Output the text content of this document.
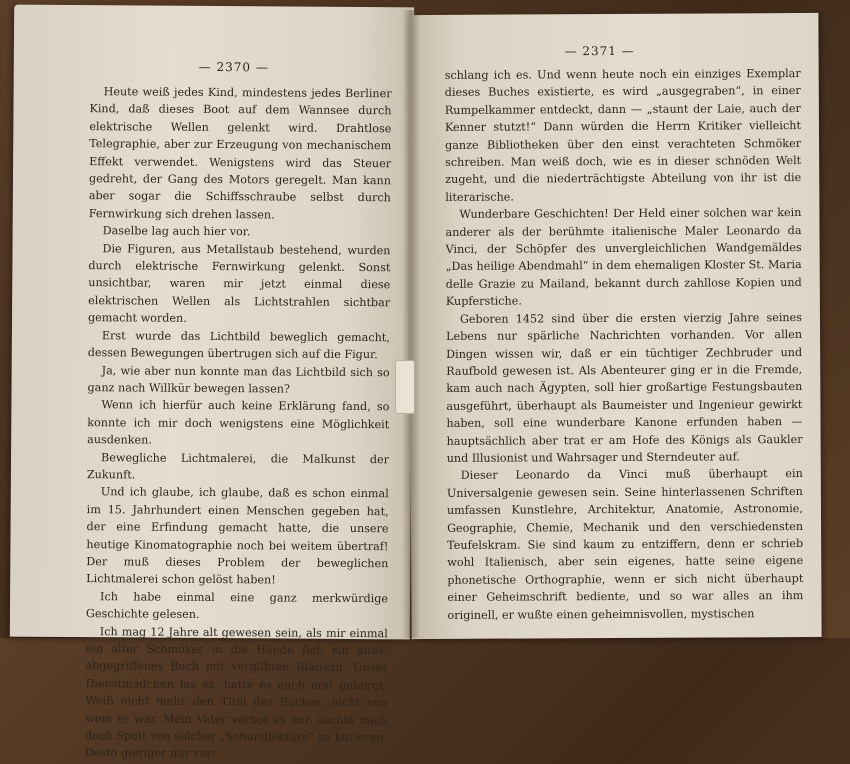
— 2370 —

Heute weiß jedes Kind, mindestens jedes Berliner Kind, daß dieses Boot auf dem Wannsee durch elektrische Wellen gelenkt wird. Drahtlose Telegraphie, aber zur Erzeugung von mechanischem Effekt verwendet. Wenigstens wird das Steuer gedreht, der Gang des Motors geregelt. Man kann aber sogar die Schiffsschraube selbst durch Fernwirkung sich drehen lassen.

Daselbe lag auch hier vor.

Die Figuren, aus Metallstaub bestehend, wurden durch elektrische Fernwirkung gelenkt. Sonst unsichtbar, waren mir jetzt einmal diese elektrischen Wellen als Lichtstrahlen sichtbar gemacht worden.

Erst wurde das Lichtbild beweglich gemacht, dessen Bewegungen übertrugen sich auf die Figur.

Ja, wie aber nun konnte man das Lichtbild sich so ganz nach Willkür bewegen lassen?

Wenn ich hierfür auch keine Erklärung fand, so konnte ich mir doch wenigstens eine Möglichkeit ausdenken.

Bewegliche Lichtmalerei, die Malkunst der Zukunft.

Und ich glaube, ich glaube, daß es schon einmal im 15. Jahrhundert einen Menschen gegeben hat, der eine Erfindung gemacht hatte, die unsere heutige Kinomatographie noch bei weitem übertraf! Der muß dieses Problem der beweglichen Lichtmalerei schon gelöst haben!

Ich habe einmal eine ganz merkwürdige Geschichte gelesen.

Ich mag 12 Jahre alt gewesen sein, als mir einmal ein alter Schmöker in die Hände fiel, ein altes, abgegriffenes Buch mit vergilbten Blättern. Unser Dienstmädchen las es, hatte es auch erst geborgt. Weiß nicht mehr den Titel des Buches, nicht von wem es war. Mein Vater verbot es mir, suchte mich doch Spott von solcher „Schundlektüre“ zu kurieren. Desto gieriger nur ver-

— 2371 —

schlang ich es. Und wenn heute noch ein einziges Exemplar dieses Buches existierte, es wird „ausgegraben“, in einer Rumpelkammer entdeckt, dann — „staunt der Laie, auch der Kenner stutzt!“ Dann würden die Herrn Kritiker vielleicht ganze Bibliotheken über den einst verachteten Schmöker schreiben. Man weiß doch, wie es in dieser schnöden Welt zugeht, und die niederträchtigste Abteilung von ihr ist die literarische.

Wunderbare Geschichten! Der Held einer solchen war kein anderer als der berühmte italienische Maler Leonardo da Vinci, der Schöpfer des unvergleichlichen Wandgemäldes „Das heilige Abendmahl“ in dem ehemaligen Kloster St. Maria delle Grazie zu Mailand, bekannt durch zahllose Kopien und Kupferstiche.

Geboren 1452 sind über die ersten vierzig Jahre seines Lebens nur spärliche Nachrichten vorhanden. Vor allen Dingen wissen wir, daß er ein tüchtiger Zechbruder und Raufbold gewesen ist. Als Abenteurer ging er in die Fremde, kam auch nach Ägypten, soll hier großartige Festungsbauten ausgeführt, überhaupt als Baumeister und Ingenieur gewirkt haben, soll eine wunderbare Kanone erfunden haben — hauptsächlich aber trat er am Hofe des Königs als Gaukler und Illusionist und Wahrsager und Sterndeuter auf.

Dieser Leonardo da Vinci muß überhaupt ein Universalgenie gewesen sein. Seine hinterlassenen Schriften umfassen Kunstlehre, Architektur, Anatomie, Astronomie, Geographie, Chemie, Mechanik und den verschiedensten Teufelskram. Sie sind kaum zu entziffern, denn er schrieb wohl Italienisch, aber sein eigenes, hatte seine eigene phonetische Orthographie, wenn er sich nicht überhaupt einer Geheimschrift bediente, und so war alles an ihm originell, er wußte einen geheimnisvollen, mystischen
